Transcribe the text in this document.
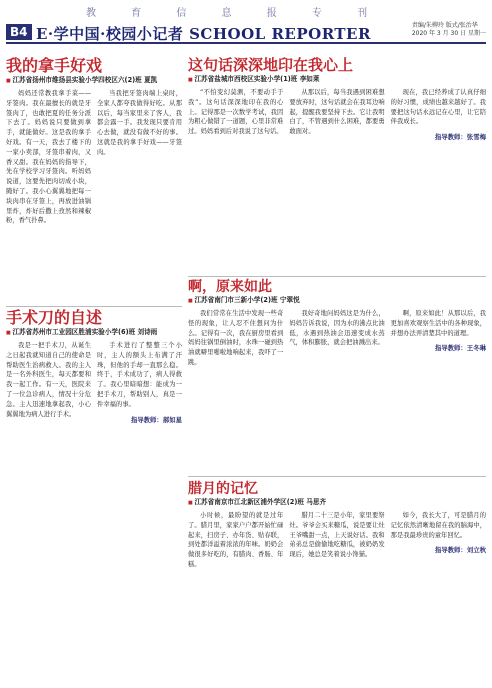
教 育 信 息 报 专 刊
B4 E·学中国·校园小记者 SCHOOL REPORTER	责编/朱柳玲 版式/张治华
2020 年 3 月 30 日 星期一
我的拿手好戏
■ 江苏省扬州市维扬县实验小学四校区六(2)班 夏凯

妈妈还常教我拿手菜——牙签肉。我在最擅长的就是牙签肉了，也敢把夏的任务分派下去了。妈妈说只要做到拿手，就能做好。这是我的拿手好戏。有一天，我去了楼下的一家小卖部，牙签串着肉，又香又甜。我在妈妈的指导下，先在学校学习牙签肉。听妈妈说道，这要先把肉切成小块，腌好了。我小心翼翼地把每一块肉串在牙签上，再放进油锅里炸，炸好后撒上孜然和辣椒粉，香气扑鼻。

当我把牙签肉端上桌时，全家人都夸我做得好吃。从那以后，每当家里来了客人，我都会露一手。我发现只要肯用心去做，就没有做不好的事。这就是我的拿手好戏——牙签肉。

手术刀的自述
■ 江苏省苏州市工业园区胜浦实验小学(6)班 刘诗雨

我是一把手术刀，从诞生之日起我就知道自己的使命是帮助医生治病救人。我的主人是一名外科医生，每天都要和我一起工作。有一天，医院来了一位急诊病人，情况十分危急。主人迅速地拿起我，小心翼翼地为病人进行手术。

手术进行了整整三个小时，主人的额头上布满了汗珠，但他的手却一直那么稳。终于，手术成功了，病人得救了。我心里暗暗想：能成为一把手术刀，帮助别人，真是一件幸福的事。

指导教师：郝如星
这句话深深地印在我心上
■ 江苏省盐城市西校区实验小学(1)班 李如莱

“不怕变幻莫测，不要动手于我”。这句话深深地印在我的心上。记得那是一次数学考试，我因为粗心做错了一道题，心里非常难过。妈妈看到后对我说了这句话。

从那以后，每当我遇到困难想要放弃时，这句话就会在我耳边响起，提醒我要坚持下去。它让我明白了，不管遇到什么困难，都要勇敢面对。

现在，我已经养成了认真仔细的好习惯，成绩也越来越好了。我要把这句话永远记在心里，让它陪伴我成长。

指导教师：张雪梅
啊，原来如此
■ 江苏省南门市三新小学(2)班 宁翠悦

我们常常在生活中发现一些奇怪的现象，让人忍不住想问为什么。记得有一次，我在厨房里看到妈妈往锅里倒油时，水珠一碰到热油就噼里啪啦地响起来，我吓了一跳。

我好奇地问妈妈这是为什么，妈妈告诉我说，因为水的沸点比油低，水遇到热油会迅速变成水蒸气，体积膨胀，就会把油溅出来。

啊，原来如此！从那以后，我更加喜欢观察生活中的各种现象，并想办法弄清楚其中的道理。

指导教师：王冬琳
腊月的记忆
■ 江苏省南京市江北新区浦外学区(2)班 马思齐

小时候，最盼望的就是过年了。腊月里，家家户户都开始忙碌起来，扫房子、办年货、贴春联，到处都洋溢着浓浓的年味。奶奶会做很多好吃的，有腊肉、香肠、年糕。

腊月二十三是小年，家里要祭灶。爷爷会买来糖瓜，说是要让灶王爷嘴甜一点，上天说好话。我和弟弟总是偷偷地吃糖瓜，被奶奶发现后，她总是笑着说小馋猫。

如今，我长大了，可是腊月的记忆依然清晰地留在我的脑海中，那是我最珍贵的童年回忆。

指导教师：刘立秋
